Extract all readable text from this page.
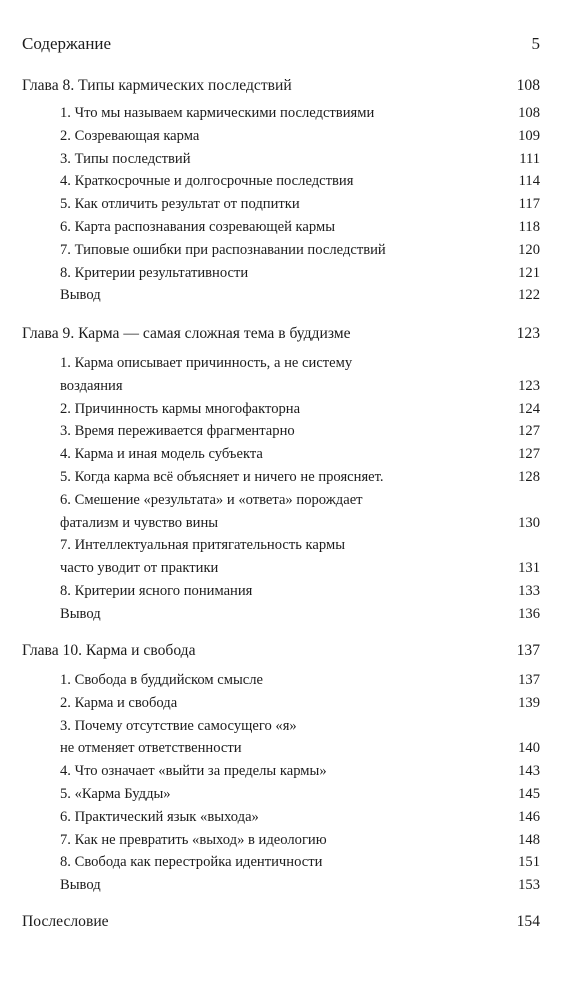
Содержание	5
Глава 8. Типы кармических последствий	108
1. Что мы называем кармическими последствиями	108
2. Созревающая карма	109
3. Типы последствий	111
4. Краткосрочные и долгосрочные последствия	114
5. Как отличить результат от подпитки	117
6. Карта распознавания созревающей кармы	118
7. Типовые ошибки при распознавании последствий	120
8. Критерии результативности	121
Вывод	122
Глава 9. Карма — самая сложная тема в буддизме	123
1. Карма описывает причинность, а не систему
воздаяния	123
2. Причинность кармы многофакторна	124
3. Время переживается фрагментарно	127
4. Карма и иная модель субъекта	127
5. Когда карма всё объясняет и ничего не проясняет.	128
6. Смешение «результата» и «ответа» порождает
фатализм и чувство вины	130
7. Интеллектуальная притягательность кармы
часто уводит от практики	131
8. Критерии ясного понимания	133
Вывод	136
Глава 10. Карма и свобода	137
1. Свобода в буддийском смысле	137
2. Карма и свобода	139
3. Почему отсутствие самосущего «я»
не отменяет ответственности	140
4. Что означает «выйти за пределы кармы»	143
5. «Карма Будды»	145
6. Практический язык «выхода»	146
7. Как не превратить «выход» в идеологию	148
8. Свобода как перестройка идентичности	151
Вывод	153
Послесловие	154
